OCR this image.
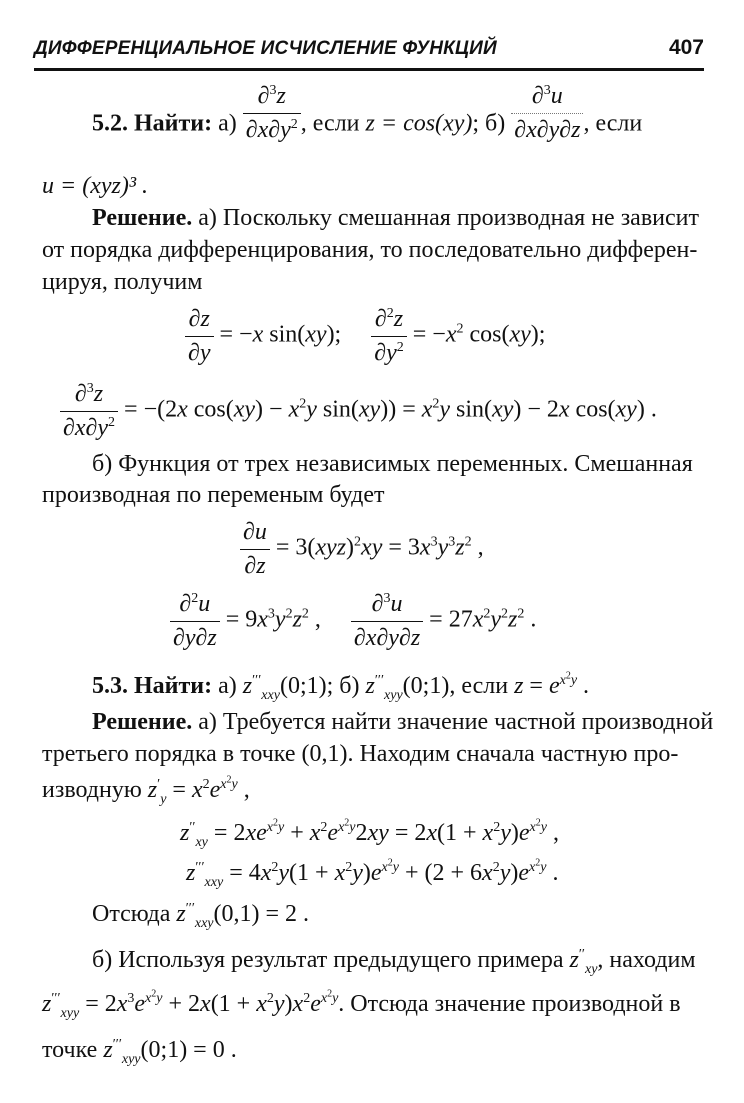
ДИФФЕРЕНЦИАЛЬНОЕ ИСЧИСЛЕНИЕ ФУНКЦИЙ	407
5.2. Найти: $а) \frac{\partial^3z}{\partial x\partial y^2}$ , если z = cos(xy); $б) \frac{\partial^3u}{\partial x\partial y\partial z}$ , если
u = (xyz)³ .
Решение. а) Поскольку смешанная производная не зависит
от порядка дифференцирования, то последовательно дифферен-
цируя, получим
$\frac{\partial z}{\partial y} = -x$ sin(xy); $\frac{\partial^2z}{\partial y^2} = -x^2$ cos(xy);
$\frac{\partial^3z}{\partial x\partial y^2} = -(2x$ $\cos(xy) - x^2y$ $\sin(xy)) = x^2y$ sin(xy) − 2x cos(xy) .
б) Функция от трех независимых переменных. Смешанная
производная по переменым будет
$\frac{\partial u}{\partial z} = 3(xyz)^2xy = 3x^3y^3z^2$ ,
$\frac{\partial^2u}{\partial y\partial z} = 9x^3y^2z^2$ , $\frac{\partial^3u}{\partial x\partial y\partial z} = 27x^2y^2z^2$ .
5.3. Найти: а) $z'''_{xxy}(0;1)$; б) $z'''_{xyy}(0;1)$, если $z = e^{x^2y}$ .
Решение. а) Требуется найти значение частной производной
третьего порядка в точке (0,1). Находим сначала частную про-
изводную $z'_y = x^2e^{x^2y}$ ,
$z''_{xy} = 2xe^{x^2y} + x^2e^{x^2y}2xy = 2x(1 + x^2y)e^{x^2y}$ ,
$z'''_{xxy} = 4x^2y(1 + x^2y)e^{x^2y} + (2 + 6x^2y)e^{x^2y}$ .
Отсюда $z'''_{xxy}(0,1) = 2$ .
б) Используя результат предыдущего примера $z''_{xy}$, находим
$z'''_{xyy} = 2x^3e^{x^2y} + 2x(1 + x^2y)x^2e^{x^2y}$. Отсюда значение производной в
точке $z'''_{xyy}(0;1) = 0$ .
